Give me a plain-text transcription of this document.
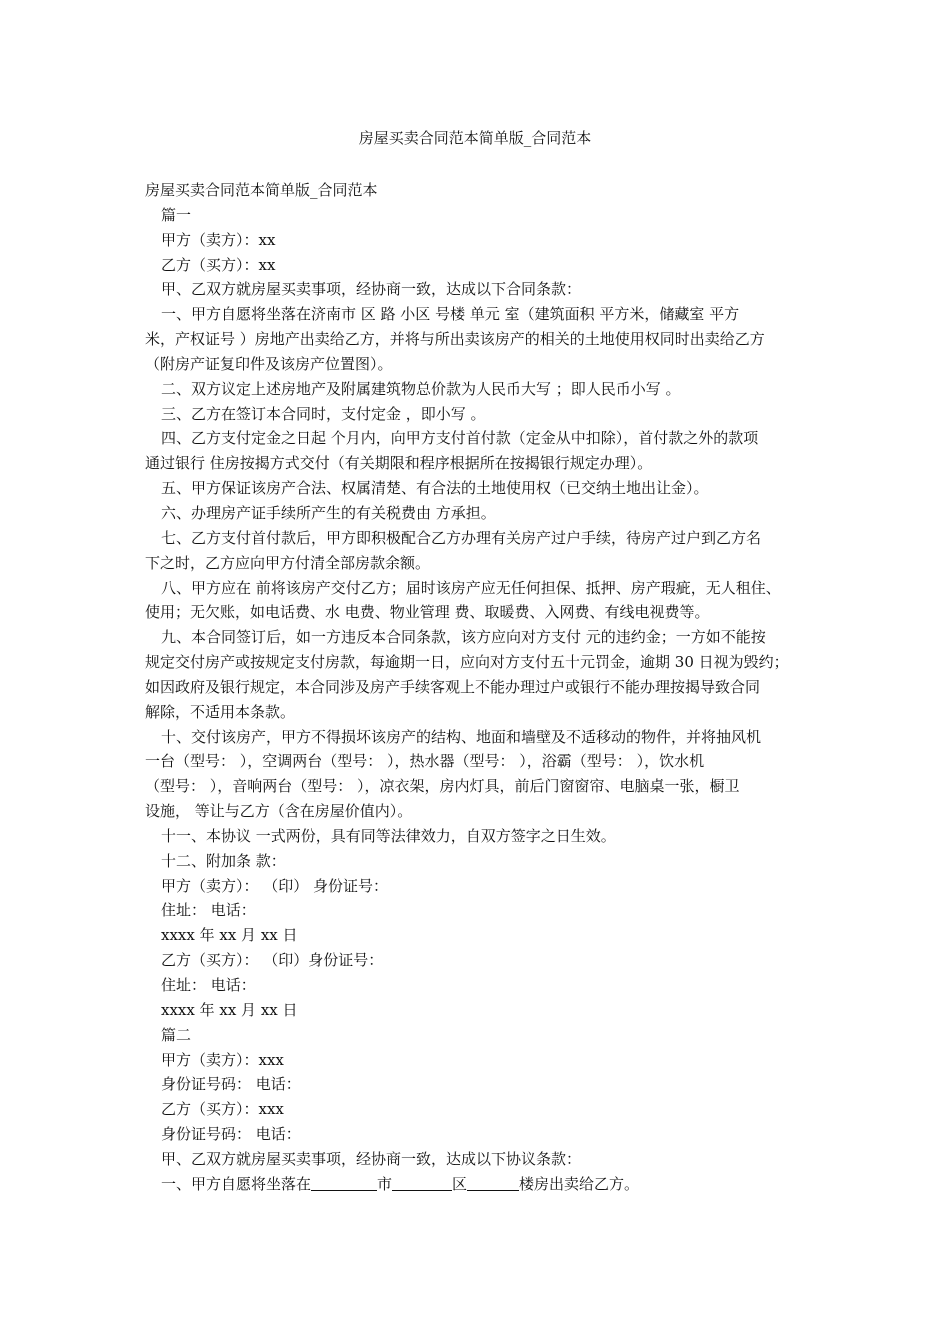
房屋买卖合同范本简单版_合同范本

房屋买卖合同范本简单版_合同范本

篇一

甲方（卖方）：xx

乙方（买方）：xx

甲、乙双方就房屋买卖事项，经协商一致，达成以下合同条款：

一、甲方自愿将坐落在济南市 区 路 小区 号楼 单元 室（建筑面积 平方米，储藏室 平方

米，产权证号 ）房地产出卖给乙方，并将与所出卖该房产的相关的土地使用权同时出卖给乙方

（附房产证复印件及该房产位置图）。

二、双方议定上述房地产及附属建筑物总价款为人民币大写 ；即人民币小写 。

三、乙方在签订本合同时，支付定金 ，即小写 。

四、乙方支付定金之日起 个月内，向甲方支付首付款（定金从中扣除），首付款之外的款项

通过银行 住房按揭方式交付（有关期限和程序根据所在按揭银行规定办理）。

五、甲方保证该房产合法、权属清楚、有合法的土地使用权（已交纳土地出让金）。

六、办理房产证手续所产生的有关税费由 方承担。

七、乙方支付首付款后，甲方即积极配合乙方办理有关房产过户手续，待房产过户到乙方名

下之时，乙方应向甲方付清全部房款余额。

八、甲方应在 前将该房产交付乙方；届时该房产应无任何担保、抵押、房产瑕疵，无人租住、

使用；无欠账，如电话费、水 电费、物业管理 费、取暖费、入网费、有线电视费等。

九、本合同签订后，如一方违反本合同条款，该方应向对方支付 元的违约金；一方如不能按

规定交付房产或按规定支付房款，每逾期一日，应向对方支付五十元罚金，逾期 30 日视为毁约；

如因政府及银行规定，本合同涉及房产手续客观上不能办理过户或银行不能办理按揭导致合同

解除，不适用本条款。

十、交付该房产，甲方不得损坏该房产的结构、地面和墙壁及不适移动的物件，并将抽风机

一台（型号： ），空调两台（型号： ），热水器（型号： ），浴霸（型号： ），饮水机

（型号： ），音响两台（型号： ），凉衣架，房内灯具，前后门窗窗帘、电脑桌一张，橱卫

设施， 等让与乙方（含在房屋价值内）。

十一、本协议 一式两份，具有同等法律效力，自双方签字之日生效。

十二、附加条 款：

甲方（卖方）： （印） 身份证号：

住址： 电话：

xxxx 年 xx 月 xx 日

乙方（买方）： （印）身份证号：

住址： 电话：

xxxx 年 xx 月 xx 日

篇二

甲方（卖方）：xxx

身份证号码： 电话：

乙方（买方）：xxx

身份证号码： 电话：

甲、乙双方就房屋买卖事项，经协商一致，达成以下协议条款：

一、甲方自愿将坐落在	市	区	楼房出卖给乙方。
